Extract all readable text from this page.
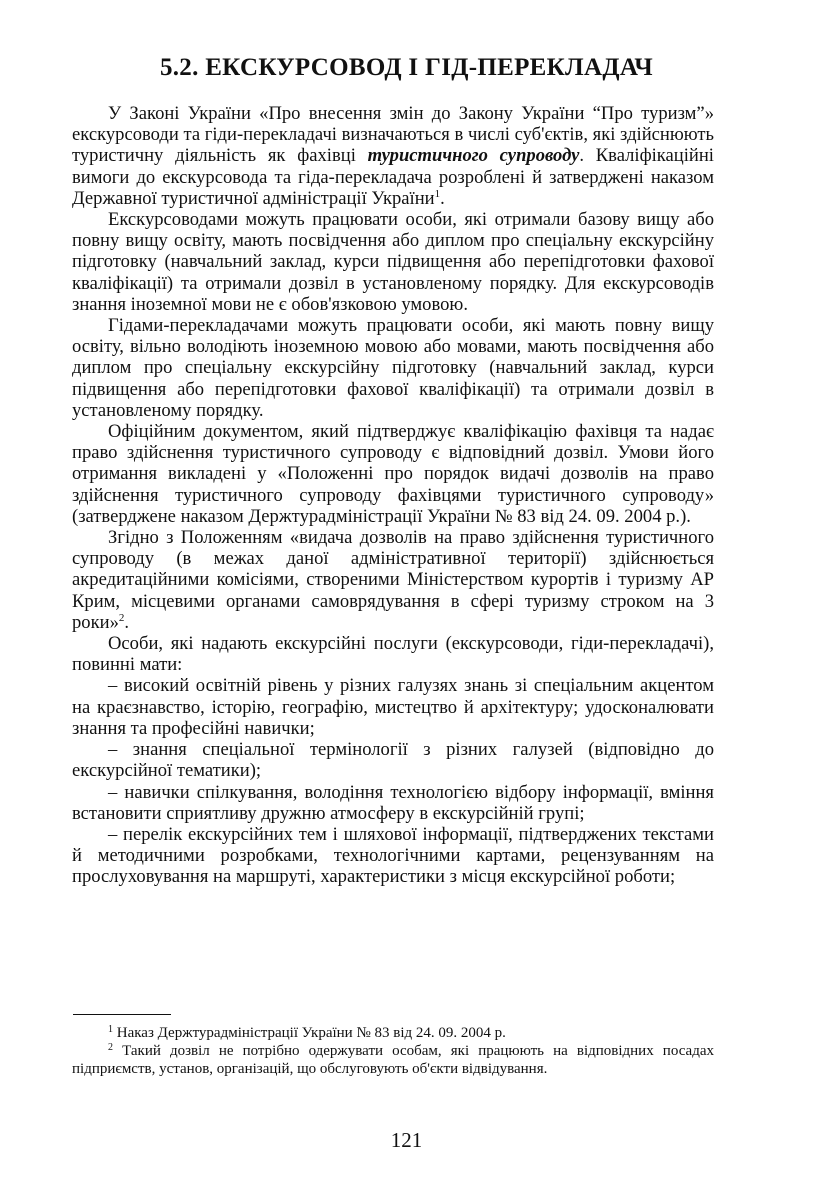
5.2. ЕКСКУРСОВОД І ГІД-ПЕРЕКЛАДАЧ

У Законі України «Про внесення змін до Закону України “Про туризм”» екскурсоводи та гіди-перекладачі визначаються в числі суб'єктів, які здійснюють туристичну діяльність як фахівці туристичного супроводу. Кваліфікаційні вимоги до екскурсовода та гіда-перекладача розроблені й затверджені наказом Державної туристичної адміністрації України$^1$.

Екскурсоводами можуть працювати особи, які отримали базову вищу або повну вищу освіту, мають посвідчення або диплом про спеціальну екскурсійну підготовку (навчальний заклад, курси підвищення або перепідготовки фахової кваліфікації) та отримали дозвіл в установленому порядку. Для екскурсоводів знання іноземної мови не є обов'язковою умовою.

Гідами-перекладачами можуть працювати особи, які мають повну вищу освіту, вільно володіють іноземною мовою або мовами, мають посвідчення або диплом про спеціальну екскурсійну підготовку (навчальний заклад, курси підвищення або перепідготовки фахової кваліфікації) та отримали дозвіл в установленому порядку.

Офіційним документом, який підтверджує кваліфікацію фахівця та надає право здійснення туристичного супроводу є відповідний дозвіл. Умови його отримання викладені у «Положенні про порядок видачі дозволів на право здійснення туристичного супроводу фахівцями туристичного супроводу» (затверджене наказом Держтурадміністрації України № 83 від 24. 09. 2004 р.).

Згідно з Положенням «видача дозволів на право здійснення туристичного супроводу (в межах даної адміністративної території) здійснюється акредитаційними комісіями, створеними Міністерством курортів і туризму АР Крим, місцевими органами самоврядування в сфері туризму строком на 3 роки»$^2$.

Особи, які надають екскурсійні послуги (екскурсоводи, гіди-перекладачі), повинні мати:

– високий освітній рівень у різних галузях знань зі спеціальним акцентом на краєзнавство, історію, географію, мистецтво й архітектуру; удосконалювати знання та професійні навички;

– знання спеціальної термінології з різних галузей (відповідно до екскурсійної тематики);

– навички спілкування, володіння технологією відбору інформації, вміння встановити сприятливу дружню атмосферу в екскурсійній групі;

– перелік екскурсійних тем і шляхової інформації, підтверджених текстами й методичними розробками, технологічними картами, рецензуванням на прослуховування на маршруті, характеристики з місця екскурсійної роботи;

$^1$ Наказ Держтурадміністрації України № 83 від 24. 09. 2004 р.

$^2$ Такий дозвіл не потрібно одержувати особам, які працюють на відповідних посадах підприємств, установ, організацій, що обслуговують об'єкти відвідування.

121
